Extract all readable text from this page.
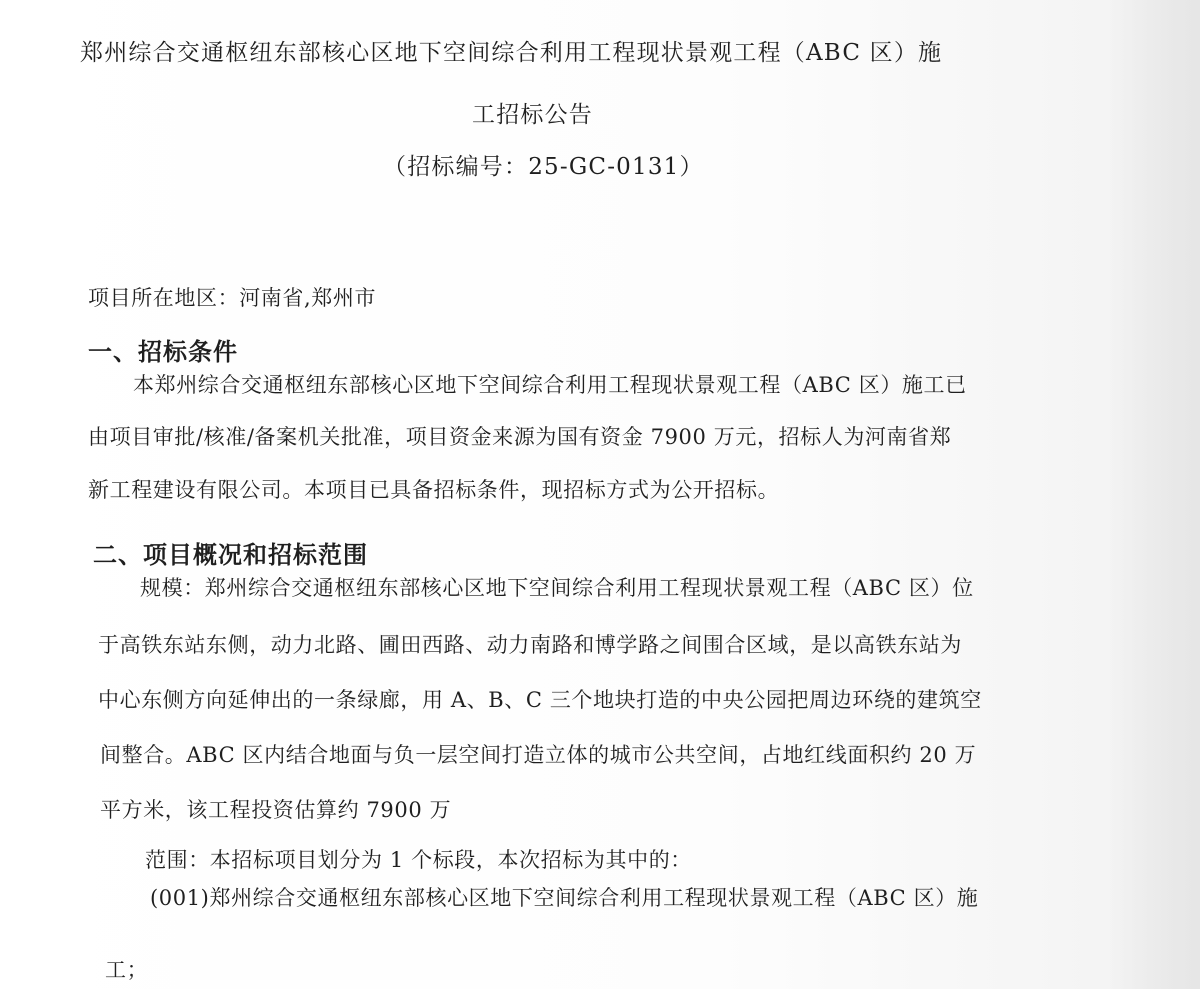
郑州综合交通枢纽东部核心区地下空间综合利用工程现状景观工程（ABC 区）施
工招标公告
（招标编号：25-GC-0131）
项目所在地区：河南省,郑州市
一、招标条件
本郑州综合交通枢纽东部核心区地下空间综合利用工程现状景观工程（ABC 区）施工已
由项目审批/核准/备案机关批准，项目资金来源为国有资金 7900 万元，招标人为河南省郑
新工程建设有限公司。本项目已具备招标条件，现招标方式为公开招标。
二、项目概况和招标范围
规模：郑州综合交通枢纽东部核心区地下空间综合利用工程现状景观工程（ABC 区）位
于高铁东站东侧，动力北路、圃田西路、动力南路和博学路之间围合区域，是以高铁东站为
中心东侧方向延伸出的一条绿廊，用 A、B、C 三个地块打造的中央公园把周边环绕的建筑空
间整合。ABC 区内结合地面与负一层空间打造立体的城市公共空间，占地红线面积约 20 万
平方米，该工程投资估算约 7900 万
范围：本招标项目划分为 1 个标段，本次招标为其中的：
(001)郑州综合交通枢纽东部核心区地下空间综合利用工程现状景观工程（ABC 区）施
工；
